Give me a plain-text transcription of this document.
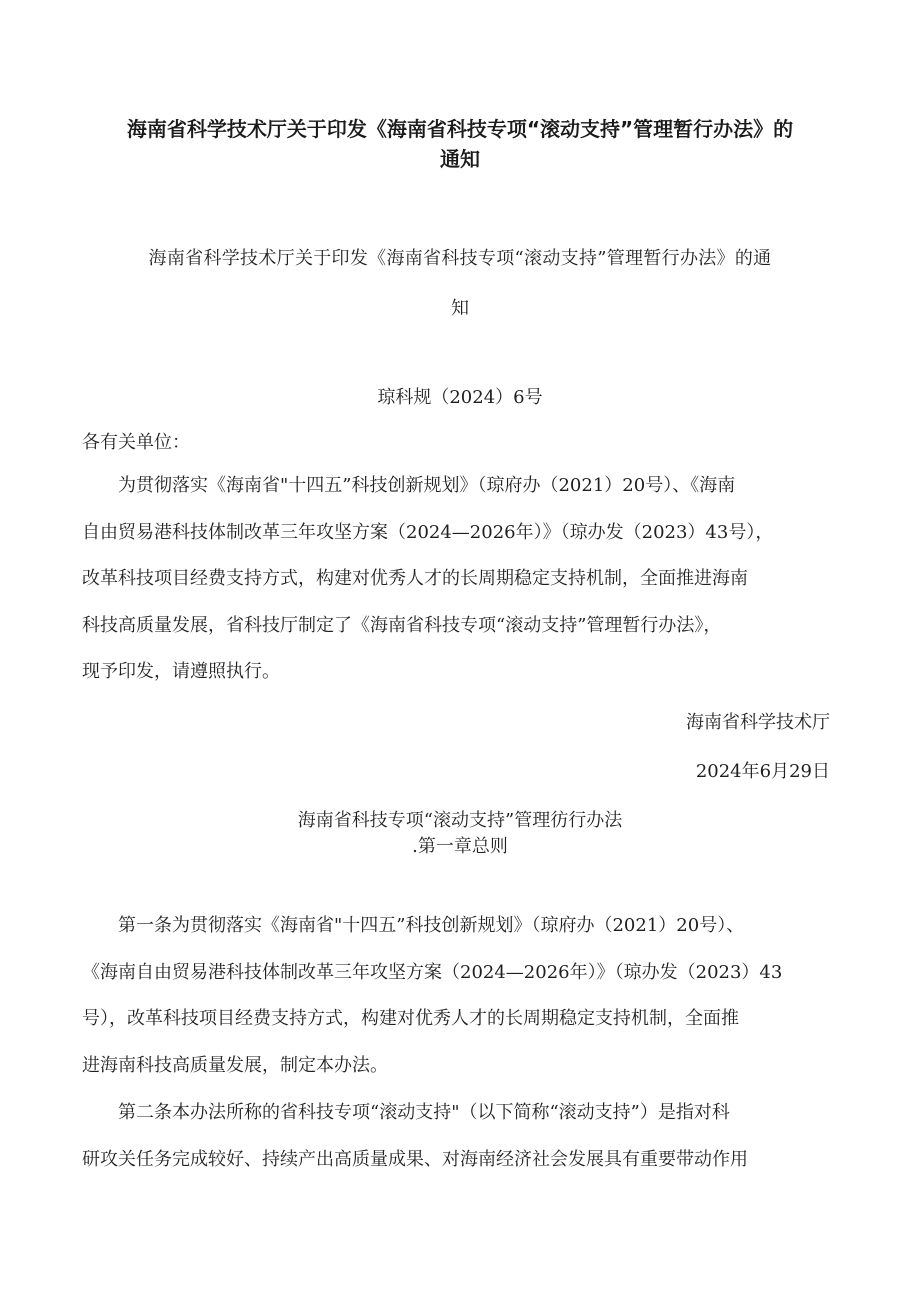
海南省科学技术厅关于印发《海南省科技专项“滚动支持”管理暂行办法》的
通知

海南省科学技术厅关于印发《海南省科技专项“滚动支持”管理暂行办法》的通

知

琼科规（2024）6号

各有关单位：

为贯彻落实《海南省"十四五”科技创新规划》（琼府办（2021）20号）、《海南
自由贸易港科技体制改革三年攻坚方案（2024—2026年）》（琼办发（2023）43号），
改革科技项目经费支持方式，构建对优秀人才的长周期稳定支持机制，全面推进海南
科技高质量发展，省科技厅制定了《海南省科技专项“滚动支持”管理暂行办法》，
现予印发，请遵照执行。

海南省科学技术厅

2024年6月29日

海南省科技专项“滚动支持”管理彷行办法

.第一章总则

第一条为贯彻落实《海南省"十四五”科技创新规划》（琼府办（2021）20号）、
《海南自由贸易港科技体制改革三年攻坚方案（2024—2026年）》（琼办发（2023）43
号），改革科技项目经费支持方式，构建对优秀人才的长周期稳定支持机制，全面推
进海南科技高质量发展，制定本办法。
第二条本办法所称的省科技专项“滚动支持"（以下简称“滚动支持”）是指对科
研攻关任务完成较好、持续产出高质量成果、对海南经济社会发展具有重要带动作用
